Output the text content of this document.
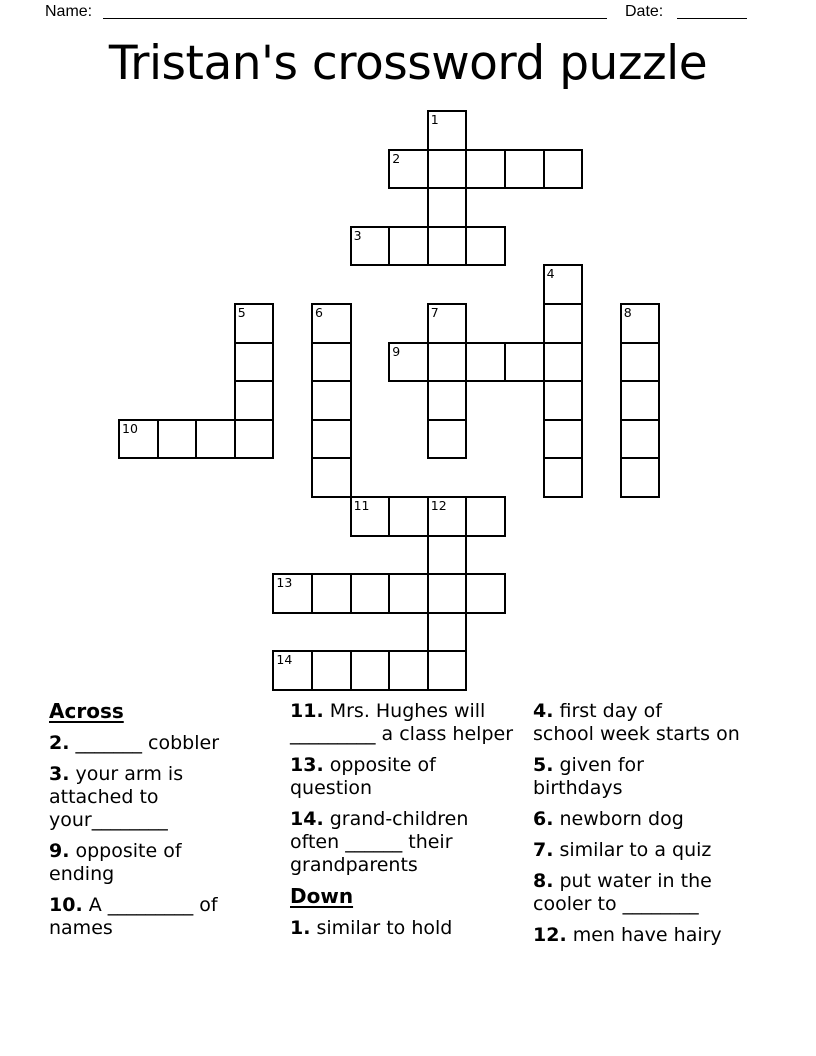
Name:	Date:
Tristan's crossword puzzle
1
2
3
4
5	6	7	8
9
10
11	12
13
14
Across
2. _______ cobbler
3. your arm is
attached to
your________
9. opposite of
ending
10. A _________ of
names
11. Mrs. Hughes will
_________ a class helper
13. opposite of
question
14. grand-children
often ______ their
grandparents
Down
1. similar to hold
4. first day of
school week starts on
5. given for
birthdays
6. newborn dog
7. similar to a quiz
8. put water in the
cooler to ________
12. men have hairy
